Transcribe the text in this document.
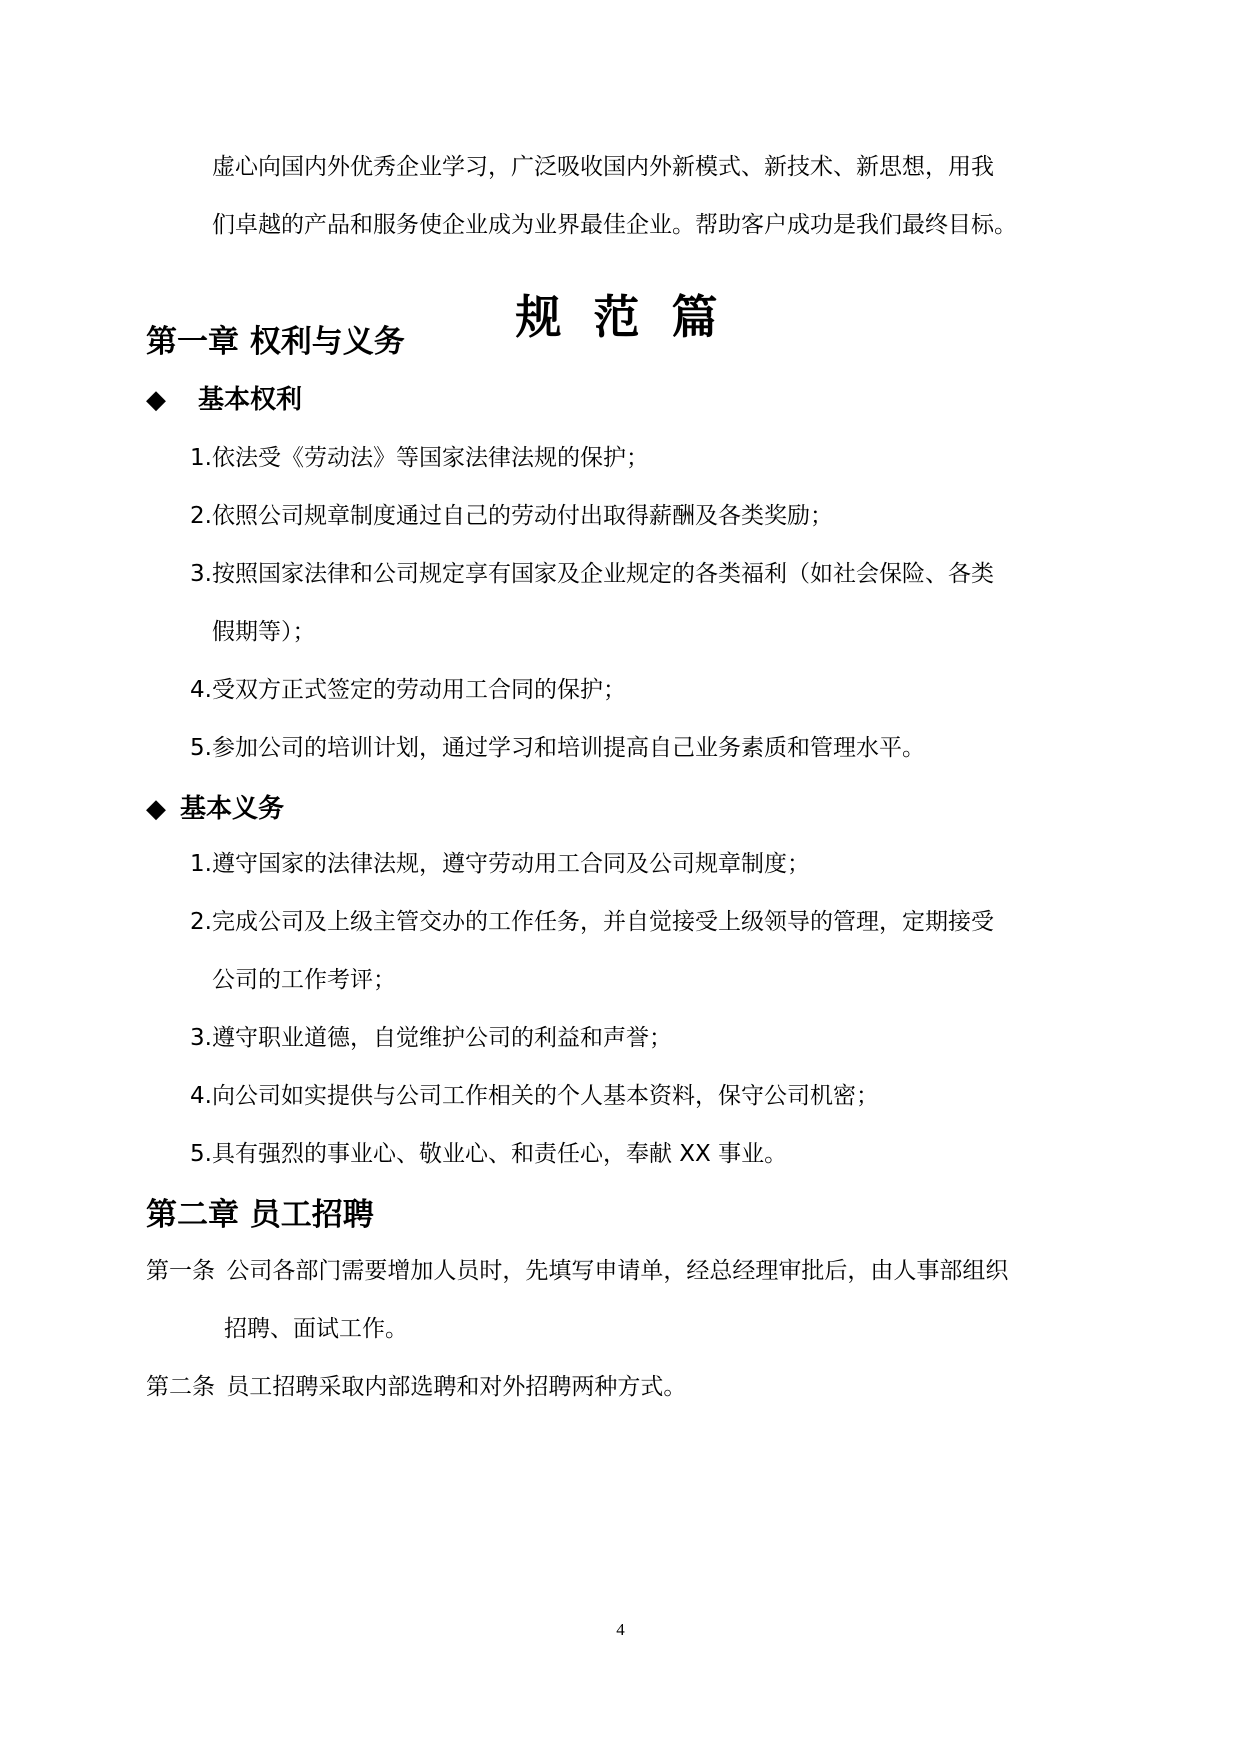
虚心向国内外优秀企业学习，广泛吸收国内外新模式、新技术、新思想，用我
们卓越的产品和服务使企业成为业界最佳企业。帮助客户成功是我们最终目标。
规 范 篇
第一章 权利与义务
◆ 基本权利
1.依法受《劳动法》等国家法律法规的保护；
2.依照公司规章制度通过自己的劳动付出取得薪酬及各类奖励；
3.按照国家法律和公司规定享有国家及企业规定的各类福利（如社会保险、各类
假期等）；
4.受双方正式签定的劳动用工合同的保护；
5.参加公司的培训计划，通过学习和培训提高自己业务素质和管理水平。
◆ 基本义务
1.遵守国家的法律法规，遵守劳动用工合同及公司规章制度；
2.完成公司及上级主管交办的工作任务，并自觉接受上级领导的管理，定期接受
公司的工作考评；
3.遵守职业道德，自觉维护公司的利益和声誉；
4.向公司如实提供与公司工作相关的个人基本资料，保守公司机密；
5.具有强烈的事业心、敬业心、和责任心，奉献 XX 事业。
第二章 员工招聘
第一条 公司各部门需要增加人员时，先填写申请单，经总经理审批后，由人事部组织
招聘、面试工作。
第二条 员工招聘采取内部选聘和对外招聘两种方式。
4
